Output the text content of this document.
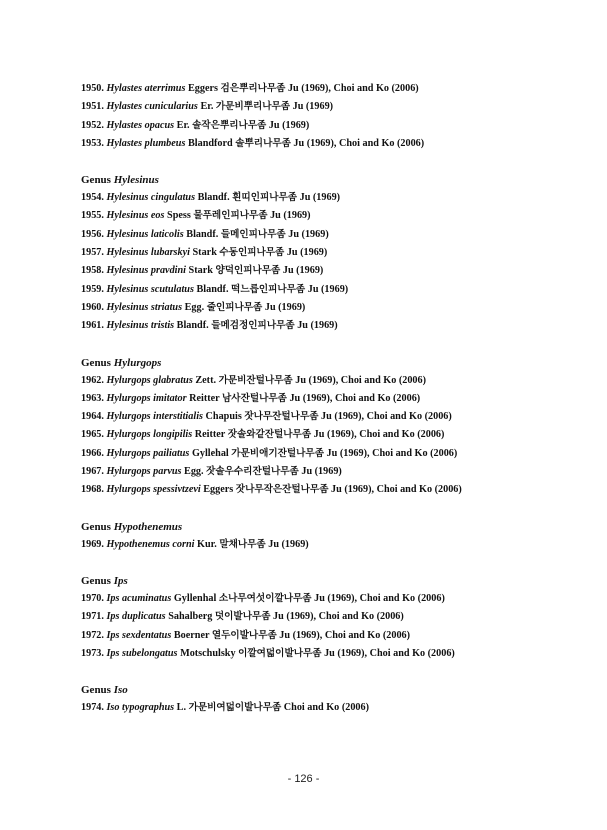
1950. Hylastes aterrimus Eggers 검은뿌리나무좀 Ju (1969), Choi and Ko (2006)
1951. Hylastes cunicularius Er. 가문비뿌리나무좀 Ju (1969)
1952. Hylastes opacus Er. 솔작은뿌리나무좀 Ju (1969)
1953. Hylastes plumbeus Blandford 솔뿌리나무좀 Ju (1969), Choi and Ko (2006)
Genus Hylesinus
1954. Hylesinus cingulatus Blandf. 흰띠인피나무좀 Ju (1969)
1955. Hylesinus eos Spess 물푸레인피나무좀 Ju (1969)
1956. Hylesinus laticolis Blandf. 들메인피나무좀 Ju (1969)
1957. Hylesinus lubarskyi Stark 수동인피나무좀 Ju (1969)
1958. Hylesinus pravdini Stark 양덕인피나무좀 Ju (1969)
1959. Hylesinus scutulatus Blandf. 떡느릅인피나무좀 Ju (1969)
1960. Hylesinus striatus Egg. 줄인피나무좀 Ju (1969)
1961. Hylesinus tristis Blandf. 들메검정인피나무좀 Ju (1969)
Genus Hylurgops
1962. Hylurgops glabratus Zett. 가문비잔털나무좀 Ju (1969), Choi and Ko (2006)
1963. Hylurgops imitator Reitter 남사잔털나무좀 Ju (1969), Choi and Ko (2006)
1964. Hylurgops interstitialis Chapuis 잣나무잔털나무좀 Ju (1969), Choi and Ko (2006)
1965. Hylurgops longipilis Reitter 잣솔와같잔털나무좀 Ju (1969), Choi and Ko (2006)
1966. Hylurgops pailiatus Gyllehal 가문비애기잔털나무좀 Ju (1969), Choi and Ko (2006)
1967. Hylurgops parvus Egg. 잣솔우수리잔털나무좀 Ju (1969)
1968. Hylurgops spessivtzevi Eggers 잣나무작은잔털나무좀 Ju (1969), Choi and Ko (2006)
Genus Hypothenemus
1969. Hypothenemus corni Kur. 말채나무좀 Ju (1969)
Genus Ips
1970. Ips acuminatus Gyllenhal 소나무여섯이깔나무좀 Ju (1969), Choi and Ko (2006)
1971. Ips duplicatus Sahalberg 덧이발나무좀 Ju (1969), Choi and Ko (2006)
1972. Ips sexdentatus Boerner 열두이발나무좀 Ju (1969), Choi and Ko (2006)
1973. Ips subelongatus Motschulsky 이깔여덟이발나무좀 Ju (1969), Choi and Ko (2006)
Genus Iso
1974. Iso typographus L. 가문비여덟이발나무좀 Choi and Ko (2006)
- 126 -
